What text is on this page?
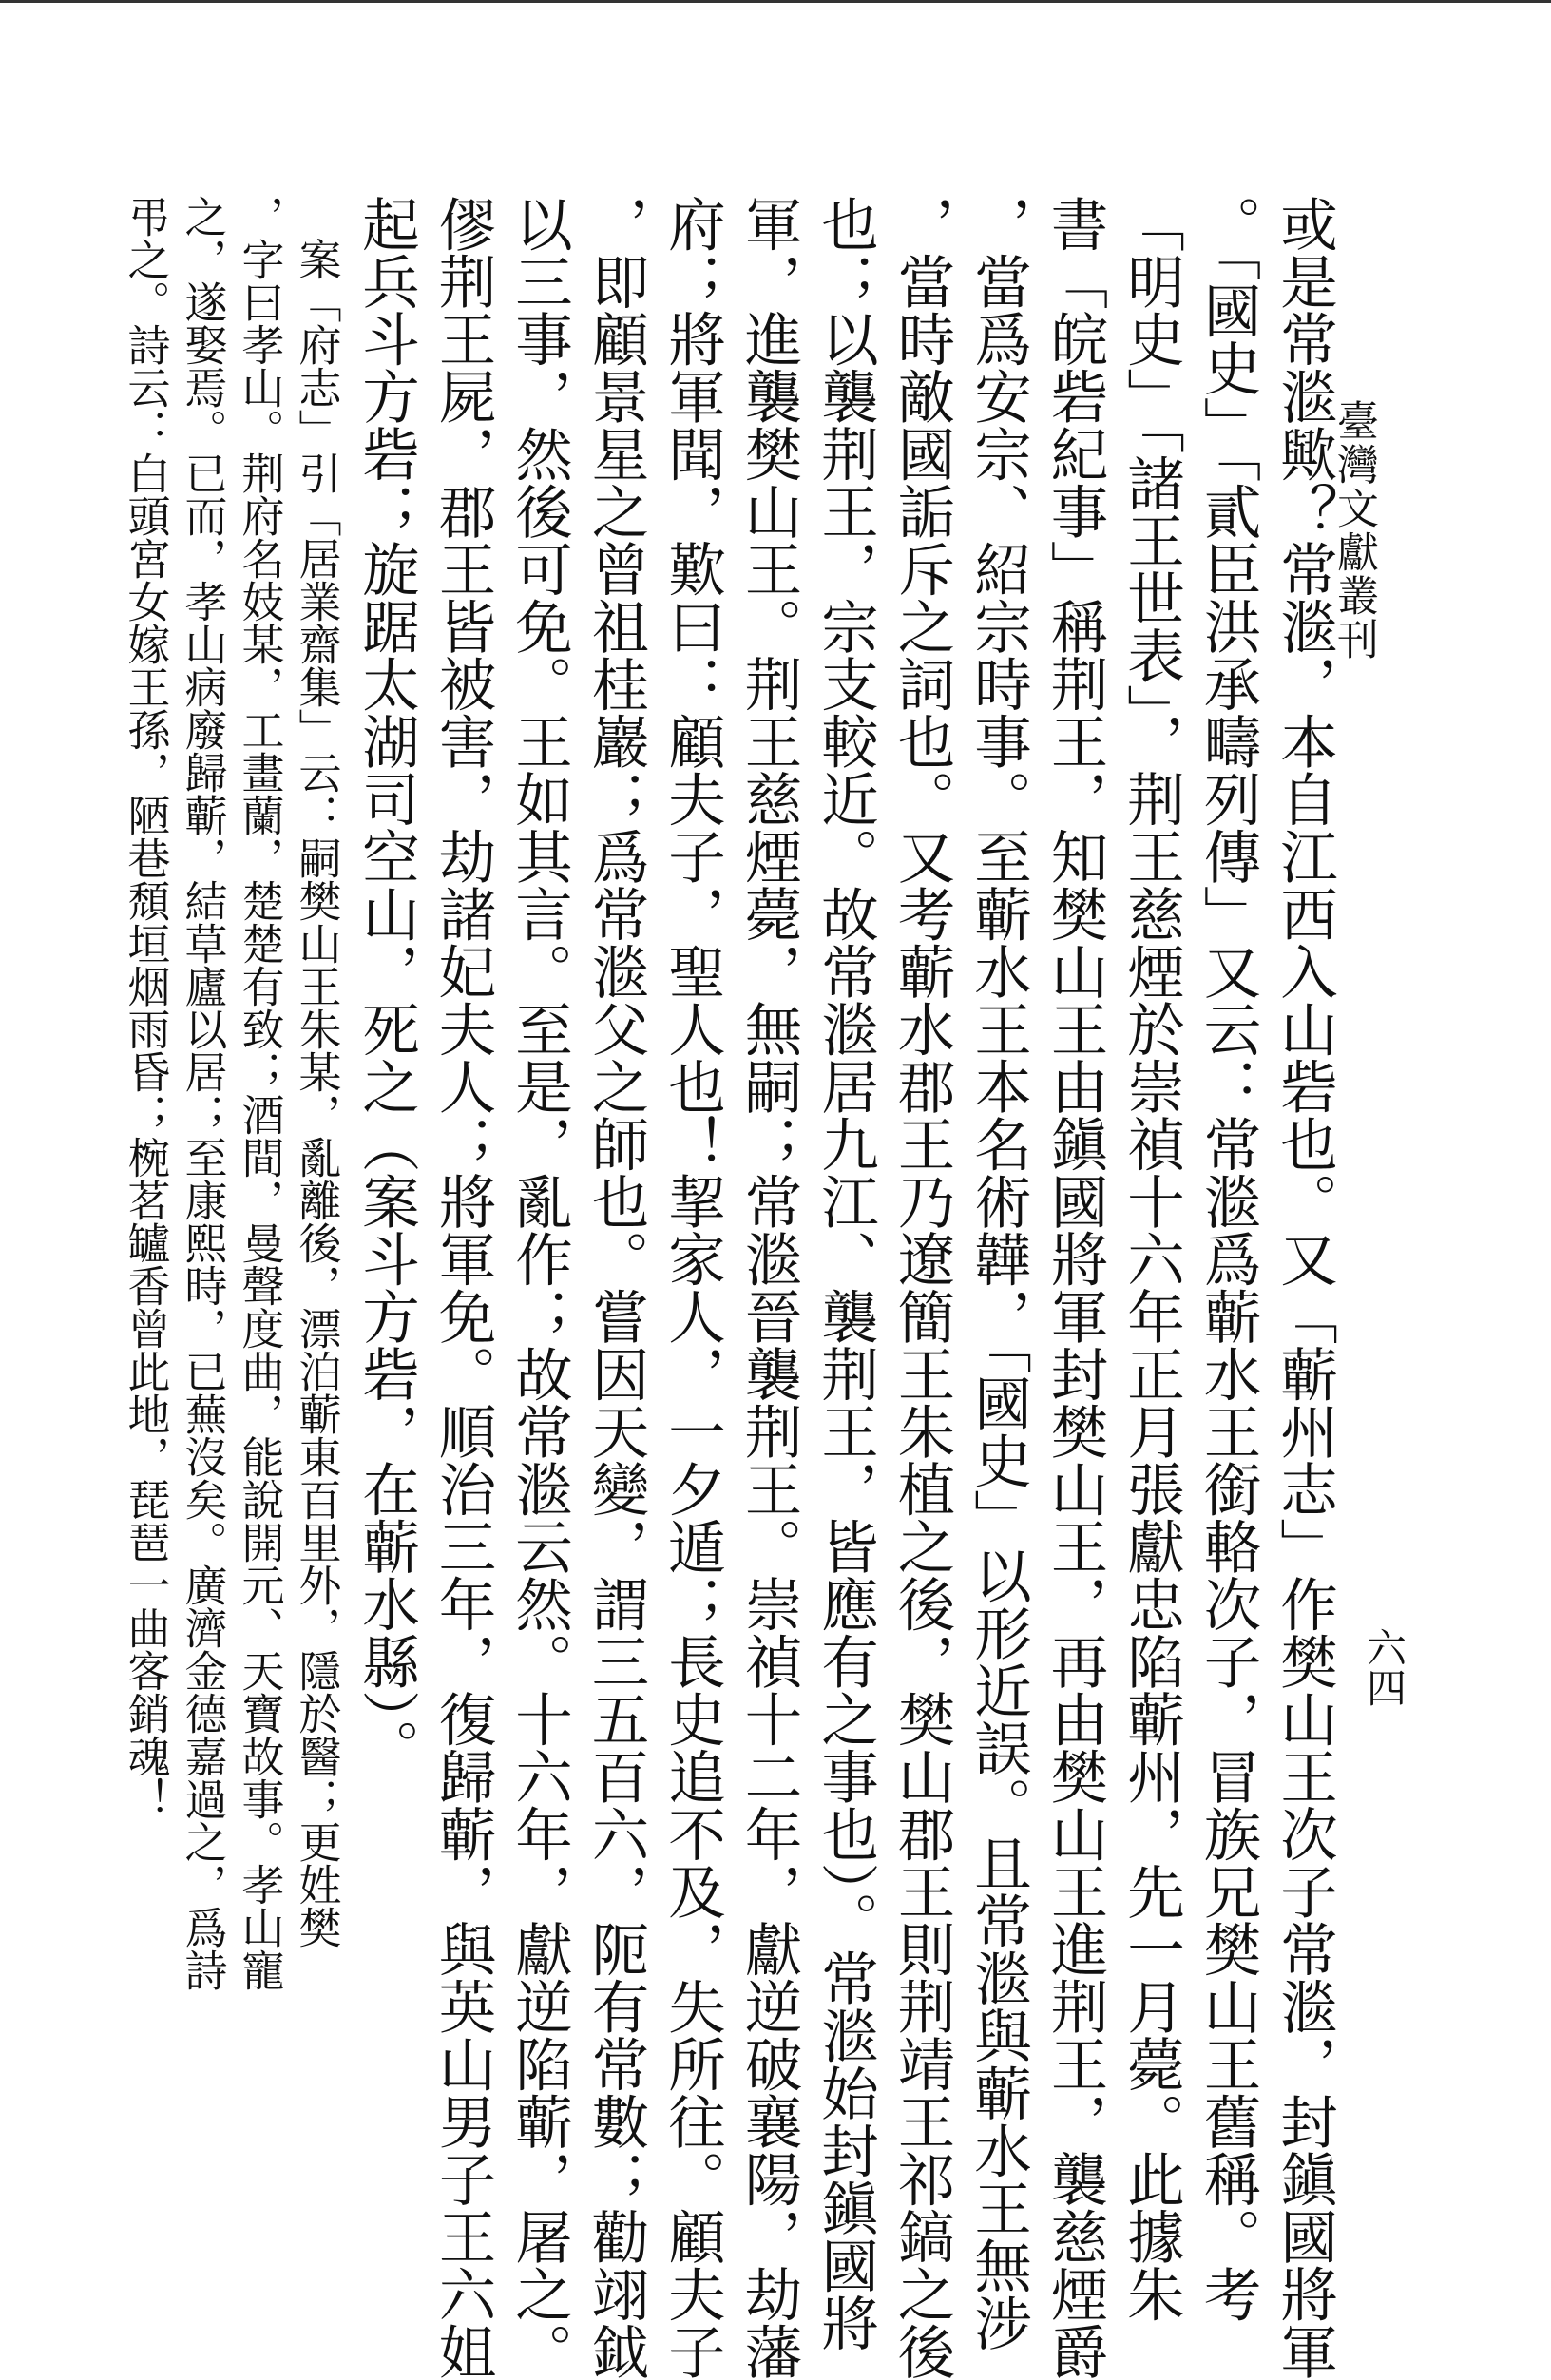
臺灣文獻叢刊
六四
或是常㴴歟？常㴴，本自江西入山砦也。又「蘄州志」作樊山王次子常㴴，封鎭國將軍
。「國史」「貳臣洪承疇列傳」又云：常㴴爲蘄水王銜輅次子，冒族兄樊山王舊稱。考
「明史」「諸王世表」，荆王慈煙於崇禎十六年正月張獻忠陷蘄州，先一月薨。此據朱
書「皖砦紀事」稱荆王，知樊山王由鎭國將軍封樊山王，再由樊山王進荆王，襲慈煙爵
，當爲安宗、紹宗時事。至蘄水王本名術韡，「國史」以形近誤。且常㴴與蘄水王無涉
，當時敵國詬斥之詞也。又考蘄水郡王乃遼簡王朱植之後，樊山郡王則荆靖王祁鎬之後
也；以襲荆王，宗支較近。故常㴴居九江、襲荆王，皆應有之事也）。常㴴始封鎭國將
軍，進襲樊山王。荆王慈煙薨，無嗣；常㴴晉襲荆王。崇禎十二年，獻逆破襄陽，劫藩
府；將軍聞，歎曰：顧夫子，聖人也！挈家人，一夕遁；長史追不及，失所往。顧夫子
，即顧景星之曾祖桂巖；爲常㴴父之師也。嘗因天變，謂三五百六，阨有常數；勸翊鉞
以三事，然後可免。王如其言。至是，亂作；故常㴴云然。十六年，獻逆陷蘄，屠之。
僇荆王屍，郡王皆被害，劫諸妃夫人；將軍免。順治三年，復歸蘄，與英山男子王六姐
起兵斗方砦；旋踞太湖司空山，死之（案斗方砦，在蘄水縣）。
案「府志」引「居業齋集」云：嗣樊山王朱某，亂離後，漂泊蘄東百里外，隱於醫；更姓樊
，字曰孝山。荆府名妓某，工畫蘭，楚楚有致；酒間，曼聲度曲，能說開元、天寶故事。孝山寵
之，遂娶焉。已而，孝山病廢歸蘄，結草廬以居；至康熙時，已蕪沒矣。廣濟金德嘉過之，爲詩
弔之。詩云：白頭宮女嫁王孫，陋巷頹垣烟雨昏；椀茗罏香曾此地，琵琶一曲客銷魂！
